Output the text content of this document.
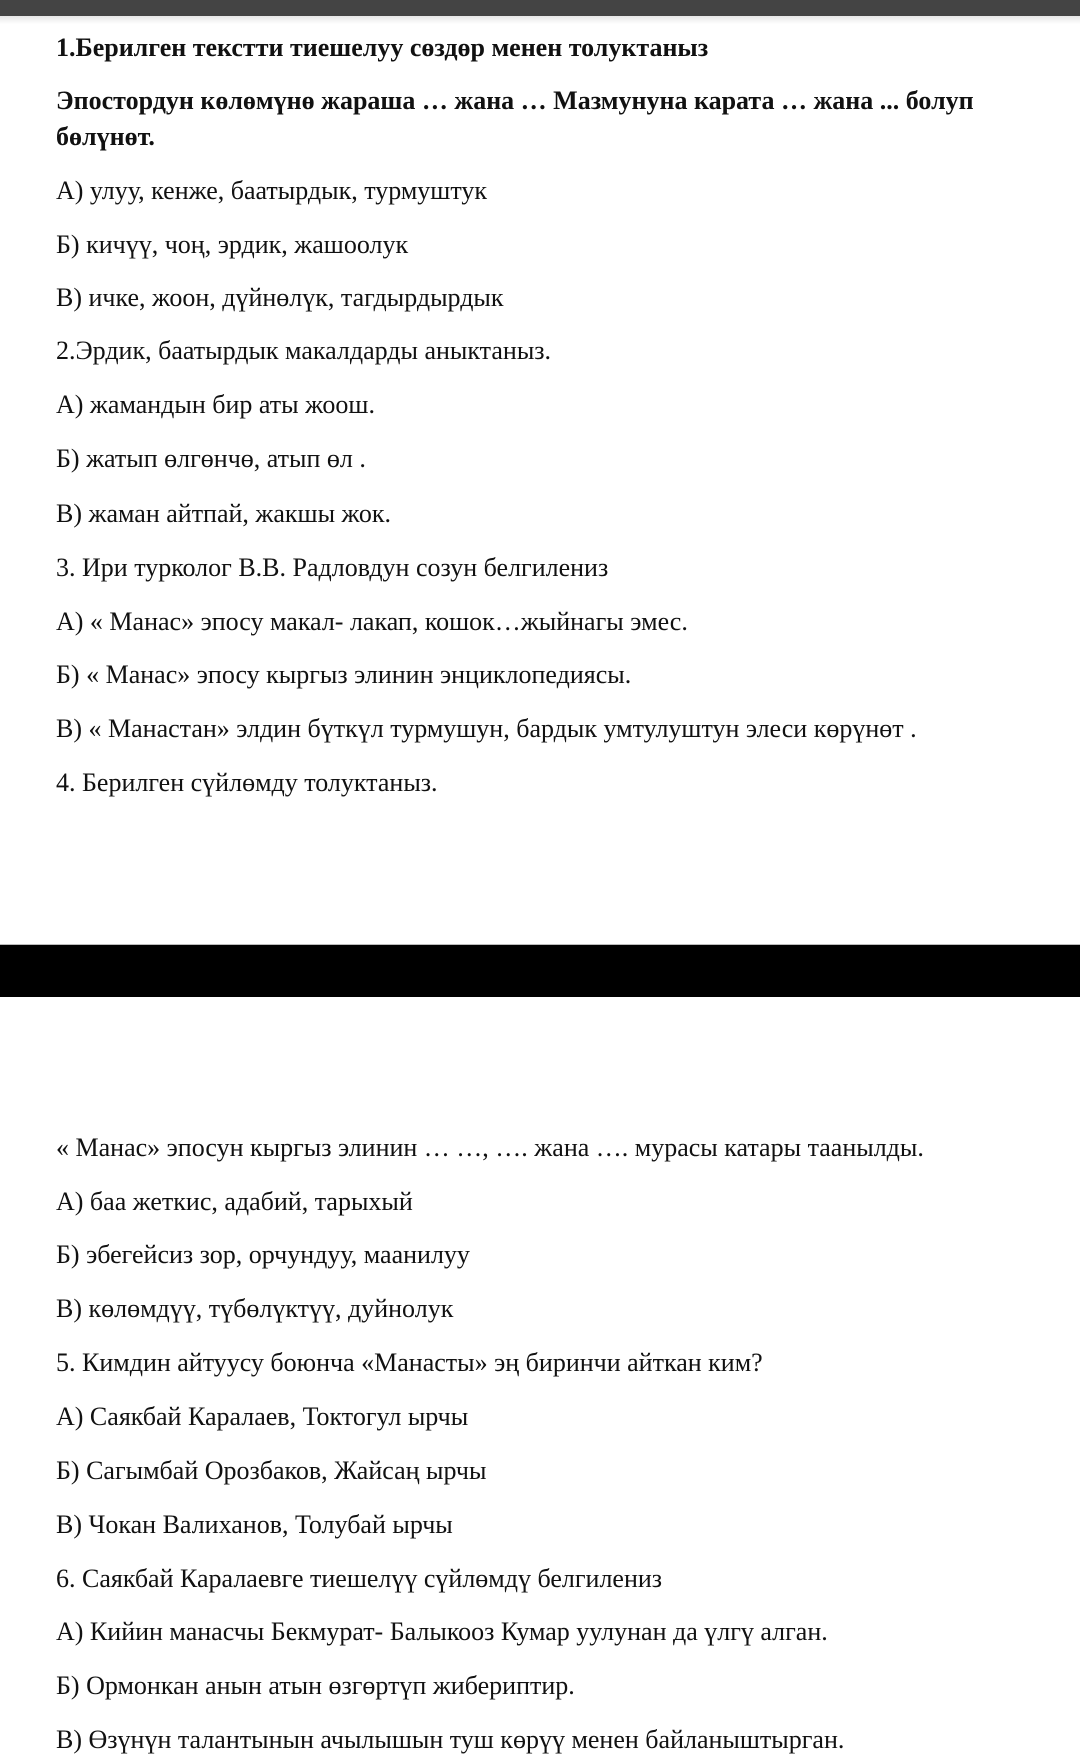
1.Берилген текстти тиешелуу сөздөр менен толуктаныз
Эпостордун көлөмүнө жараша … жана … Мазмунуна карата … жана ... болуп
бөлүнөт.
А) улуу, кенже, баатырдык, турмуштук
Б) кичүү, чоң, эрдик, жашоолук
В) ичке, жоон, дүйнөлүк, тагдырдырдык
2.Эрдик, баатырдык макалдарды аныктаныз.
А) жамандын бир аты жоош.
Б) жатып өлгөнчө, атып өл .
В) жаман айтпай, жакшы жок.
3. Ири турколог В.В. Радловдун созун белгилениз
А) « Манас» эпосу макал- лакап, кошок…жыйнагы эмес.
Б) « Манас» эпосу кыргыз элинин энциклопедиясы.
В) « Манастан» элдин бүткүл турмушун, бардык умтулуштун элеси көрүнөт .
4. Берилген сүйлөмду толуктаныз.
« Манас» эпосун кыргыз элинин … …, …. жана …. мурасы катары таанылды.
А) баа жеткис, адабий, тарыхый
Б) эбегейсиз зор, орчундуу, маанилуу
В) көлөмдүү, түбөлүктүү, дуйнолук
5. Кимдин айтуусу боюнча «Манасты» эң биринчи айткан ким?
А) Саякбай Каралаев, Токтогул ырчы
Б) Сагымбай Орозбаков, Жайсаң ырчы
В) Чокан Валиханов, Толубай ырчы
6. Саякбай Каралаевге тиешелүү сүйлөмдү белгилениз
А) Кийин манасчы Бекмурат- Балыкооз Кумар уулунан да үлгү алган.
Б) Ормонкан анын атын өзгөртүп жибериптир.
В) Өзүнүн талантынын ачылышын туш көрүү менен байланыштырган.
